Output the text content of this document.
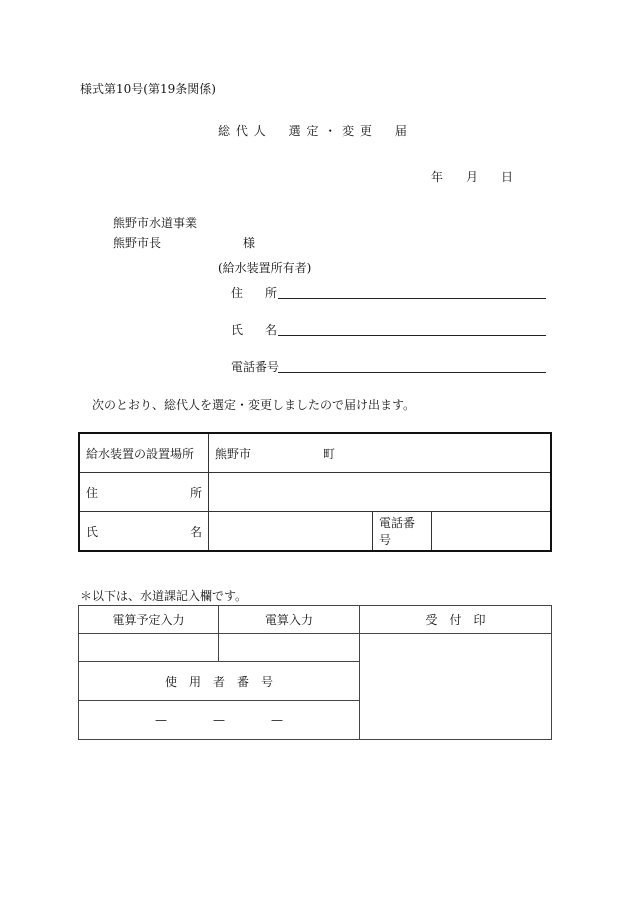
様式第10号(第19条関係)
総 代 人 選 定 ・ 変 更 届
年 月 日
熊野市水道事業
熊野市長	様
(給水装置所有者)
住 所
氏 名
電話番号
次のとおり、総代人を選定・変更しましたので届け出ます。
給水装置の設置場所	熊野市 町		

住 所			

氏 名		電話番号	
＊以下は、水道課記入欄です。
電算予定入力	電算入力	受　付　印

使　用　者　番　号		
— — —		
